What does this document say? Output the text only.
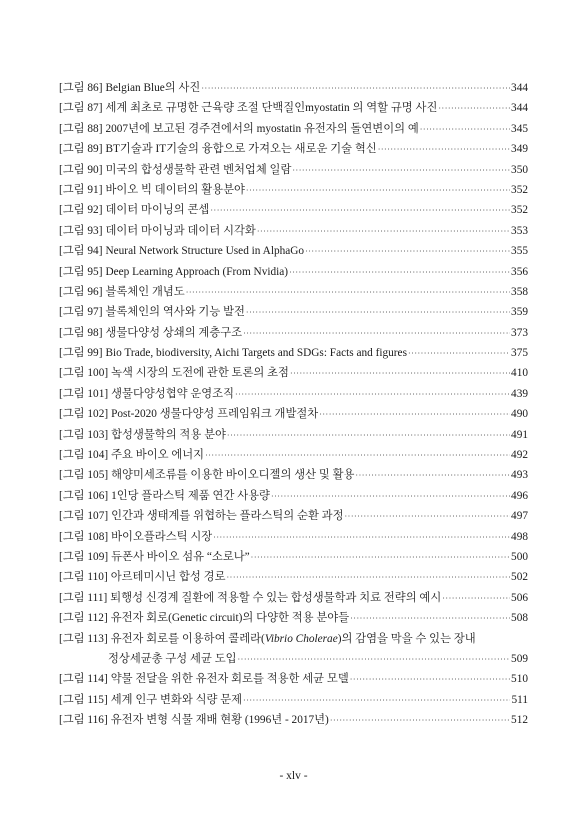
[그림 86] Belgian Blue의 사진 ·····	344
[그림 87] 세계 최초로 규명한 근육량 조절 단백질인myostatin 의 역할 규명 사진 ·····	344
[그림 88] 2007년에 보고된 경주견에서의 myostatin 유전자의 돌연변이의 예 ·····	345
[그림 89] BT기술과 IT기술의 융합으로 가져오는 새로운 기술 혁신 ·····	349
[그림 90] 미국의 합성생물학 관련 벤처업체 일람 ·····	350
[그림 91] 바이오 빅 데이터의 활용분야 ·····	352
[그림 92] 데이터 마이닝의 콘셉 ·····	352
[그림 93] 데이터 마이닝과 데이터 시각화 ·····	353
[그림 94] Neural Network Structure Used in AlphaGo ·····	355
[그림 95] Deep Learning Approach (From Nvidia) ·····	356
[그림 96] 블록체인 개념도 ·····	358
[그림 97] 블록체인의 역사와 기능 발전 ·····	359
[그림 98] 생물다양성 상쇄의 계층구조 ·····	373
[그림 99] Bio Trade, biodiversity, Aichi Targets and SDGs: Facts and figures ·····	375
[그림 100] 녹색 시장의 도전에 관한 토론의 초점 ·····	410
[그림 101] 생물다양성협약 운영조직 ·····	439
[그림 102] Post-2020 생물다양성 프레임워크 개발절차 ·····	490
[그림 103] 합성생물학의 적용 분야 ·····	491
[그림 104] 주요 바이오 에너지 ·····	492
[그림 105] 해양미세조류를 이용한 바이오디젤의 생산 및 활용 ·····	493
[그림 106] 1인당 플라스틱 제품 연간 사용량 ·····	496
[그림 107] 인간과 생태계를 위협하는 플라스틱의 순환 과정 ·····	497
[그림 108] 바이오플라스틱 시장 ·····	498
[그림 109] 듀폰사 바이오 섬유 “소로나” ·····	500
[그림 110] 아르테미시닌 합성 경로 ·····	502
[그림 111] 퇴행성 신경계 질환에 적용할 수 있는 합성생물학과 치료 전략의 예시 ·····	506
[그림 112] 유전자 회로(Genetic circuit)의 다양한 적용 분야들 ·····	508
[그림 113] 유전자 회로를 이용하여 콜레라(Vibrio Cholerae)의 감염을 막을 수 있는 장내
정상세균총 구성 세균 도입 ·····	509
[그림 114] 약물 전달을 위한 유전자 회로를 적용한 세균 모델 ·····	510
[그림 115] 세계 인구 변화와 식량 문제 ·····	511
[그림 116] 유전자 변형 식물 재배 현황 (1996년 - 2017년) ·····	512
- xlv -
